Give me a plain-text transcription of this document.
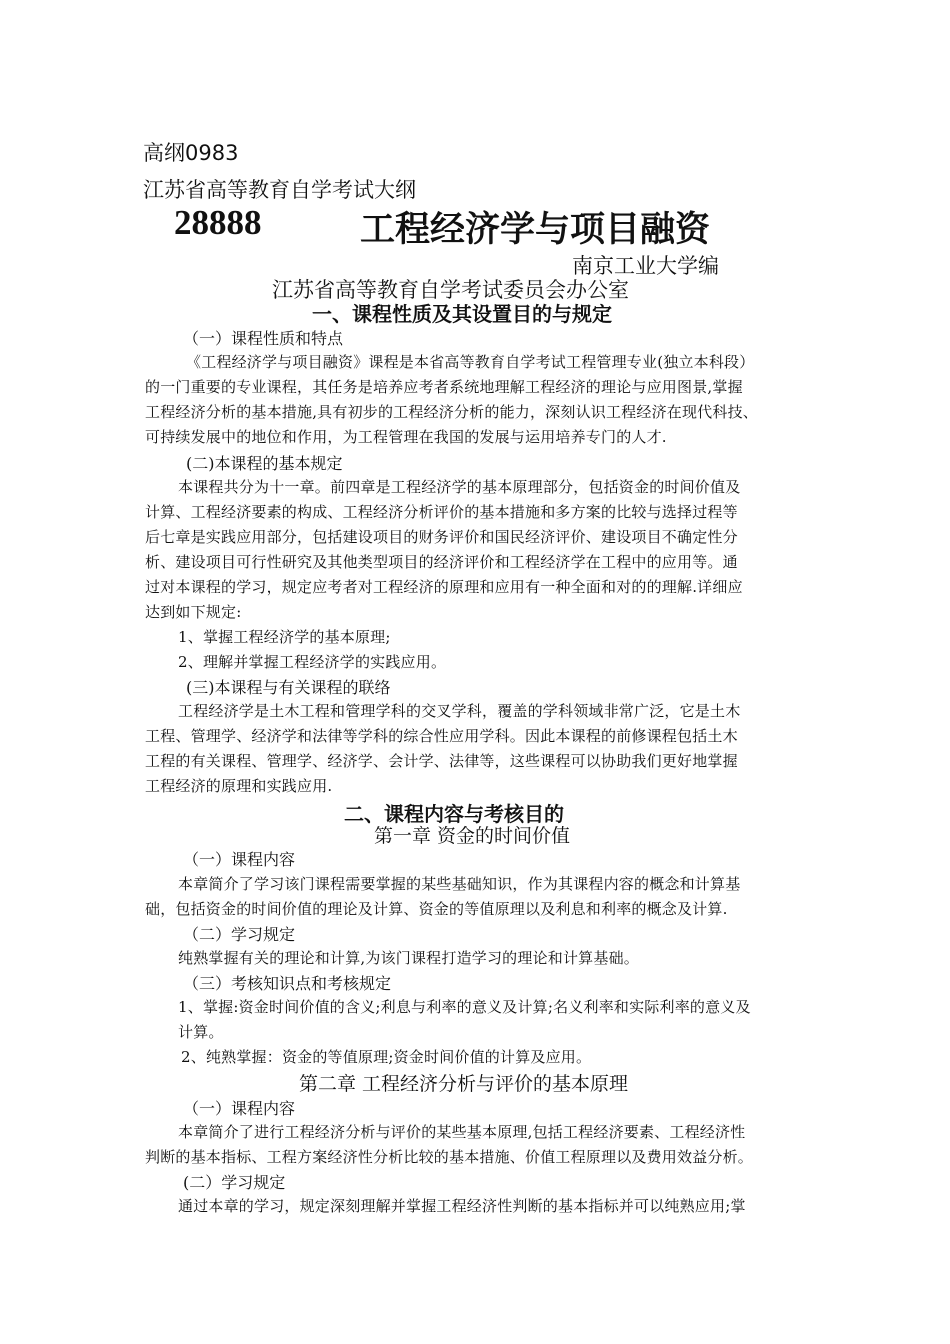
高纲0983

江苏省高等教育自学考试大纲

28888	工程经济学与项目融资

南京工业大学编

江苏省高等教育自学考试委员会办公室

一、课程性质及其设置目的与规定

（一）课程性质和特点

《工程经济学与项目融资》课程是本省高等教育自学考试工程管理专业(独立本科段）

的一门重要的专业课程，其任务是培养应考者系统地理解工程经济的理论与应用图景,掌握

工程经济分析的基本措施,具有初步的工程经济分析的能力，深刻认识工程经济在现代科技、

可持续发展中的地位和作用，为工程管理在我国的发展与运用培养专门的人才.

(二)本课程的基本规定

本课程共分为十一章。前四章是工程经济学的基本原理部分，包括资金的时间价值及

计算、工程经济要素的构成、工程经济分析评价的基本措施和多方案的比较与选择过程等

后七章是实践应用部分，包括建设项目的财务评价和国民经济评价、建设项目不确定性分

析、建设项目可行性研究及其他类型项目的经济评价和工程经济学在工程中的应用等。通

过对本课程的学习，规定应考者对工程经济的原理和应用有一种全面和对的的理解.详细应

达到如下规定:

1、掌握工程经济学的基本原理;

2、理解并掌握工程经济学的实践应用。

(三)本课程与有关课程的联络

工程经济学是土木工程和管理学科的交叉学科，覆盖的学科领域非常广泛，它是土木

工程、管理学、经济学和法律等学科的综合性应用学科。因此本课程的前修课程包括土木

工程的有关课程、管理学、经济学、会计学、法律等，这些课程可以协助我们更好地掌握

工程经济的原理和实践应用.

二、课程内容与考核目的

第一章 资金的时间价值

（一）课程内容

本章简介了学习该门课程需要掌握的某些基础知识，作为其课程内容的概念和计算基

础，包括资金的时间价值的理论及计算、资金的等值原理以及利息和利率的概念及计算.

（二）学习规定

纯熟掌握有关的理论和计算,为该门课程打造学习的理论和计算基础。

（三）考核知识点和考核规定

1、掌握:资金时间价值的含义;利息与利率的意义及计算;名义利率和实际利率的意义及

计算。

2、纯熟掌握：资金的等值原理;资金时间价值的计算及应用。

第二章 工程经济分析与评价的基本原理

（一）课程内容

本章简介了进行工程经济分析与评价的某些基本原理,包括工程经济要素、工程经济性

判断的基本指标、工程方案经济性分析比较的基本措施、价值工程原理以及费用效益分析。

(二）学习规定

通过本章的学习，规定深刻理解并掌握工程经济性判断的基本指标并可以纯熟应用;掌
